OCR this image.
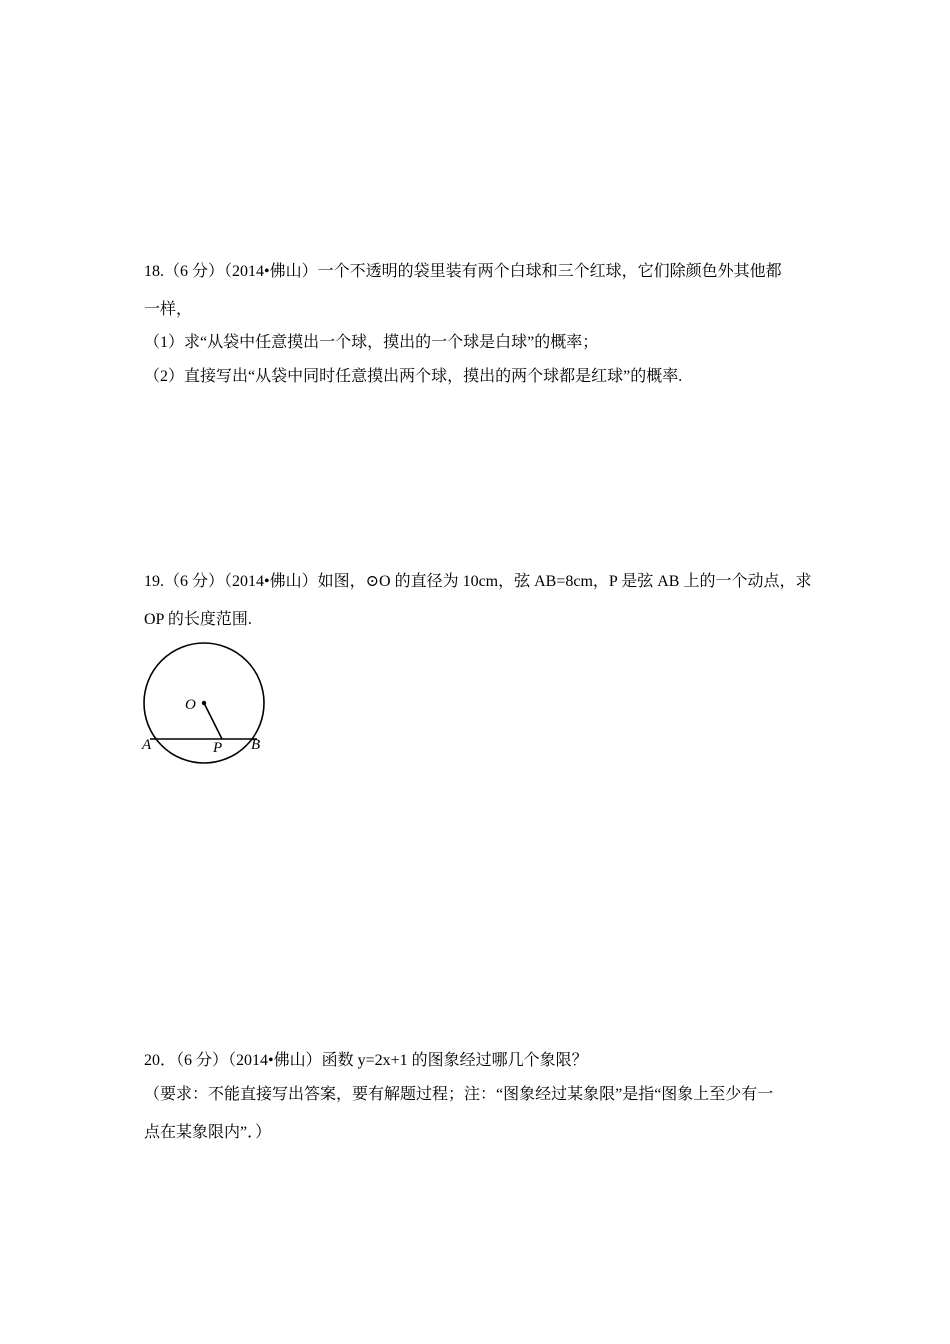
18.（6 分）（2014•佛山）一个不透明的袋里装有两个白球和三个红球，它们除颜色外其他都
一样，
（1）求“从袋中任意摸出一个球，摸出的一个球是白球”的概率；
（2）直接写出“从袋中同时任意摸出两个球，摸出的两个球都是红球”的概率.
19.（6 分）（2014•佛山）如图，⊙O 的直径为 10cm，弦 AB=8cm，P 是弦 AB 上的一个动点，求
OP 的长度范围.
O
A	P B
20．（6 分）（2014•佛山）函数 y=2x+1 的图象经过哪几个象限？
（要求：不能直接写出答案，要有解题过程；注：“图象经过某象限”是指“图象上至少有一
点在某象限内”．）
